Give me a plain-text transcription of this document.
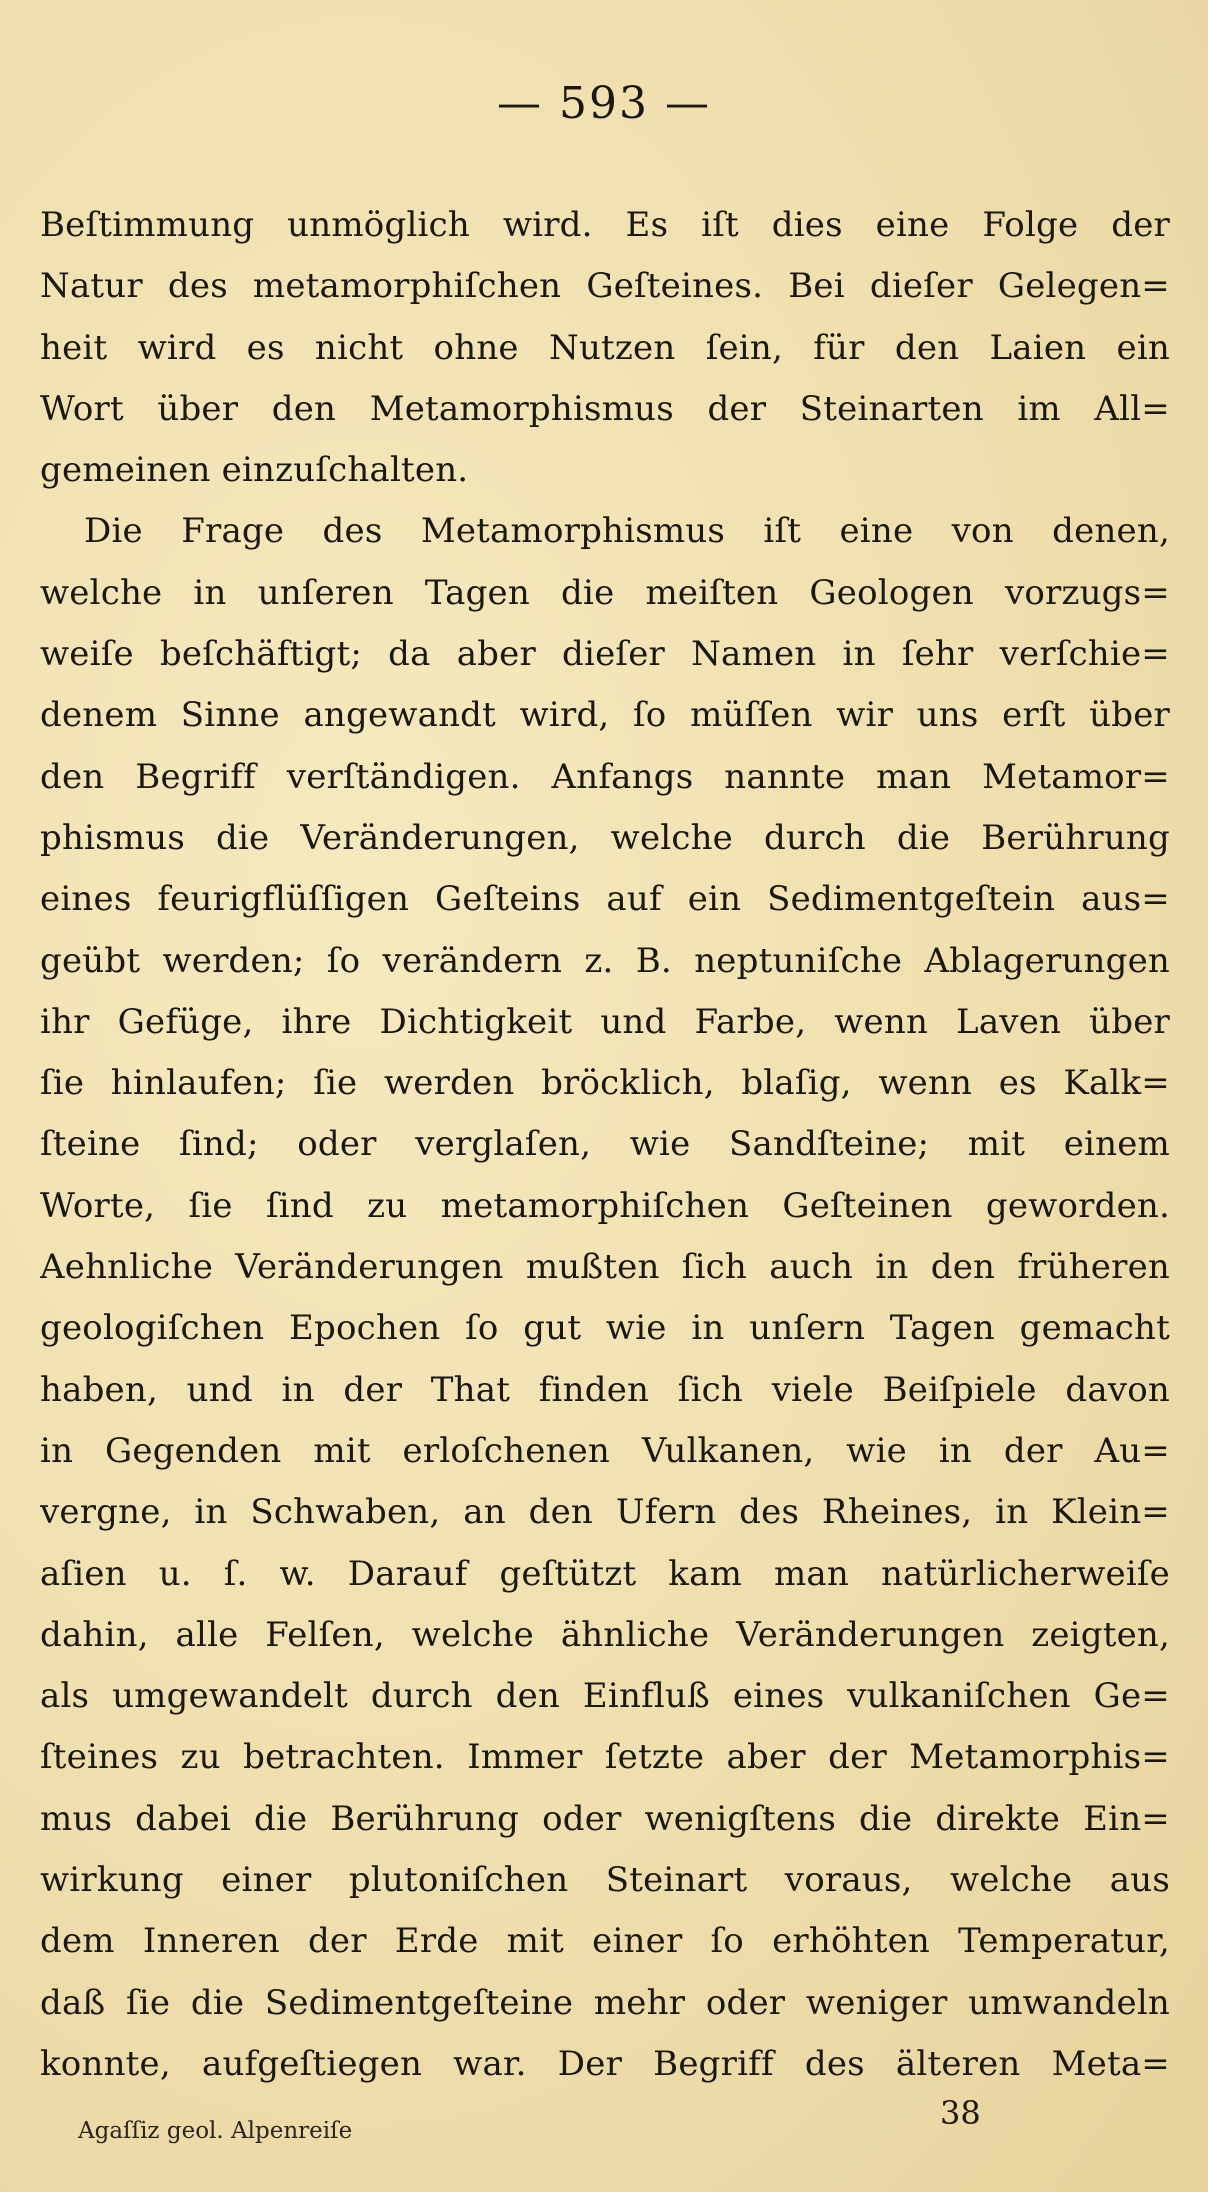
— 593 —
Beſtimmung unmöglich wird. Es iſt dies eine Folge der
Natur des metamorphiſchen Geſteines. Bei dieſer Gelegen=
heit wird es nicht ohne Nutzen ſein, für den Laien ein
Wort über den Metamorphismus der Steinarten im All=
gemeinen einzuſchalten.
Die Frage des Metamorphismus iſt eine von denen,
welche in unſeren Tagen die meiſten Geologen vorzugs=
weiſe beſchäftigt; da aber dieſer Namen in ſehr verſchie=
denem Sinne angewandt wird, ſo müſſen wir uns erſt über
den Begriff verſtändigen. Anfangs nannte man Metamor=
phismus die Veränderungen, welche durch die Berührung
eines feurigflüſſigen Geſteins auf ein Sedimentgeſtein aus=
geübt werden; ſo verändern z. B. neptuniſche Ablagerungen
ihr Gefüge, ihre Dichtigkeit und Farbe, wenn Laven über
ſie hinlaufen; ſie werden bröcklich, blaſig, wenn es Kalk=
ſteine ſind; oder verglaſen, wie Sandſteine; mit einem
Worte, ſie ſind zu metamorphiſchen Geſteinen geworden.
Aehnliche Veränderungen mußten ſich auch in den früheren
geologiſchen Epochen ſo gut wie in unſern Tagen gemacht
haben, und in der That finden ſich viele Beiſpiele davon
in Gegenden mit erloſchenen Vulkanen, wie in der Au=
vergne, in Schwaben, an den Ufern des Rheines, in Klein=
aſien u. ſ. w. Darauf geſtützt kam man natürlicherweiſe
dahin, alle Felſen, welche ähnliche Veränderungen zeigten,
als umgewandelt durch den Einfluß eines vulkaniſchen Ge=
ſteines zu betrachten. Immer ſetzte aber der Metamorphis=
mus dabei die Berührung oder wenigſtens die direkte Ein=
wirkung einer plutoniſchen Steinart voraus, welche aus
dem Inneren der Erde mit einer ſo erhöhten Temperatur,
daß ſie die Sedimentgeſteine mehr oder weniger umwandeln
konnte, aufgeſtiegen war. Der Begriff des älteren Meta=
Agaſſiz geol. Alpenreiſe	38
